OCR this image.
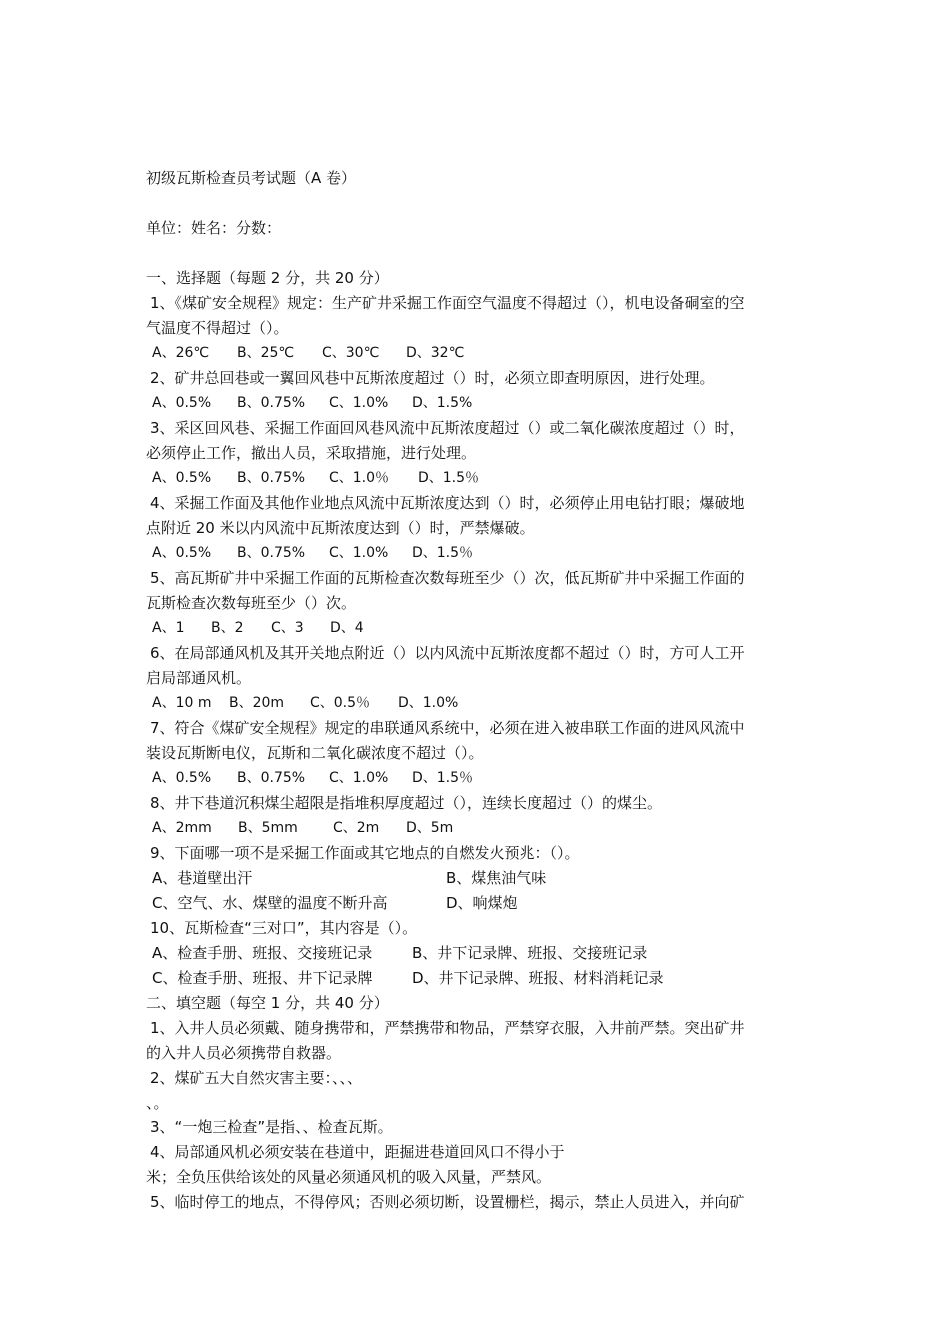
初级瓦斯检查员考试题（A 卷）
单位：姓名：分数：
一、选择题（每题 2 分，共 20 分）
1、《煤矿安全规程》规定：生产矿井采掘工作面空气温度不得超过（），机电设备硐室的空
气温度不得超过（）。
A、26℃ B、25℃ C、30℃ D、32℃
2、矿井总回巷或一翼回风巷中瓦斯浓度超过（）时，必须立即查明原因，进行处理。
A、0.5% B、0.75% C、1.0% D、1.5%
3、采区回风巷、采掘工作面回风巷风流中瓦斯浓度超过（）或二氧化碳浓度超过（）时，
必须停止工作，撤出人员，采取措施，进行处理。
A、0.5% B、0.75% C、1.0％ D、1.5％
4、采掘工作面及其他作业地点风流中瓦斯浓度达到（）时，必须停止用电钻打眼；爆破地
点附近 20 米以内风流中瓦斯浓度达到（）时，严禁爆破。
A、0.5% B、0.75% C、1.0% D、1.5％
5、高瓦斯矿井中采掘工作面的瓦斯检查次数每班至少（）次，低瓦斯矿井中采掘工作面的
瓦斯检查次数每班至少（）次。
A、1 B、2 C、3 D、4
6、在局部通风机及其开关地点附近（）以内风流中瓦斯浓度都不超过（）时，方可人工开
启局部通风机。
A、10 m B、20m C、0.5％ D、1.0%
7、符合《煤矿安全规程》规定的串联通风系统中，必须在进入被串联工作面的进风风流中
装设瓦斯断电仪，瓦斯和二氧化碳浓度不超过（）。
A、0.5% B、0.75% C、1.0% D、1.5％
8、井下巷道沉积煤尘超限是指堆积厚度超过（），连续长度超过（）的煤尘。
A、2mm B、5mm	C、2m D、5m
9、下面哪一项不是采掘工作面或其它地点的自燃发火预兆：（）。
A、巷道壁出汗	B、煤焦油气味
C、空气、水、煤壁的温度不断升高	D、响煤炮
10、瓦斯检查“三对口”，其内容是（）。
A、检查手册、班报、交接班记录	B、井下记录牌、班报、交接班记录
C、检查手册、班报、井下记录牌	D、井下记录牌、班报、材料消耗记录
二、填空题（每空 1 分，共 40 分）
1、入井人员必须戴、随身携带和，严禁携带和物品，严禁穿衣服，入井前严禁。突出矿井
的入井人员必须携带自救器。
2、煤矿五大自然灾害主要：、、、
、。
3、“一炮三检查”是指、、检查瓦斯。
4、局部通风机必须安装在巷道中，距掘进巷道回风口不得小于
米；全负压供给该处的风量必须通风机的吸入风量，严禁风。
5、临时停工的地点，不得停风；否则必须切断，设置栅栏，揭示，禁止人员进入，并向矿
